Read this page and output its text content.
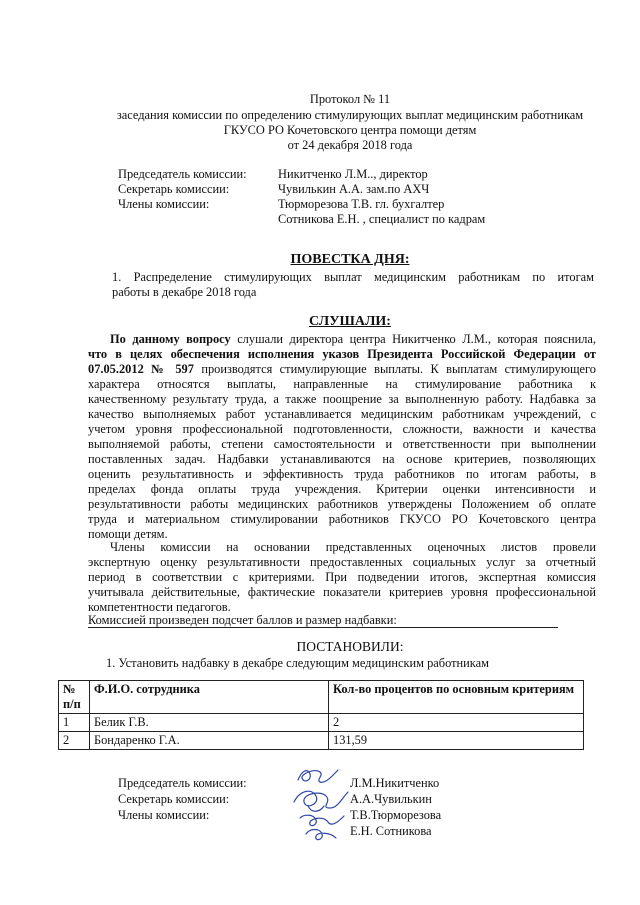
Протокол № 11
заседания комиссии по определению стимулирующих выплат медицинским работникам
ГКУСО РО Кочетовского центра помощи детям
от 24 декабря 2018 года
Председатель комиссии:	Никитченко Л.М.., директор
Секретарь комиссии:	Чувилькин А.А. зам.по АХЧ
Члены комиссии:	Тюрморезова Т.В. гл. бухгалтер
Сотникова Е.Н. , специалист по кадрам
ПОВЕСТКА ДНЯ:
1. Распределение стимулирующих выплат медицинским работникам по итогам
работы в декабре 2018 года
СЛУШАЛИ:
По данному вопросу слушали директора центра Никитченко Л.М., которая пояснила,
что в целях обеспечения исполнения указов Президента Российской Федерации от
07.05.2012 № 597 производятся стимулирующие выплаты. К выплатам стимулирующего
характера относятся выплаты, направленные на стимулирование работника к
качественному результату труда, а также поощрение за выполненную работу. Надбавка за
качество выполняемых работ устанавливается медицинским работникам учреждений, с
учетом уровня профессиональной подготовленности, сложности, важности и качества
выполняемой работы, степени самостоятельности и ответственности при выполнении
поставленных задач. Надбавки устанавливаются на основе критериев, позволяющих
оценить результативность и эффективность труда работников по итогам работы, в
пределах фонда оплаты труда учреждения. Критерии оценки интенсивности и
результативности работы медицинских работников утверждены Положением об оплате
труда и материальном стимулировании работников ГКУСО РО Кочетовского центра
помощи детям.
Члены комиссии на основании представленных оценочных листов провели
экспертную оценку результативности предоставленных социальных услуг за отчетный
период в соответствии с критериями. При подведении итогов, экспертная комиссия
учитывала действительные, фактические показатели критериев уровня профессиональной
компетентности педагогов.
Комиссией произведен подсчет баллов и размер надбавки:
ПОСТАНОВИЛИ:
1. Установить надбавку в декабре следующим медицинским работникам
№ п/п	Ф.И.О. сотрудника	Кол-во процентов по основным критериям
1	Белик Г.В.	2
2	Бондаренко Г.А.	131,59
Председатель комиссии:	Л.М.Никитченко
Секретарь комиссии:	А.А.Чувилькин
Члены комиссии:	Т.В.Тюрморезова
Е.Н. Сотникова
